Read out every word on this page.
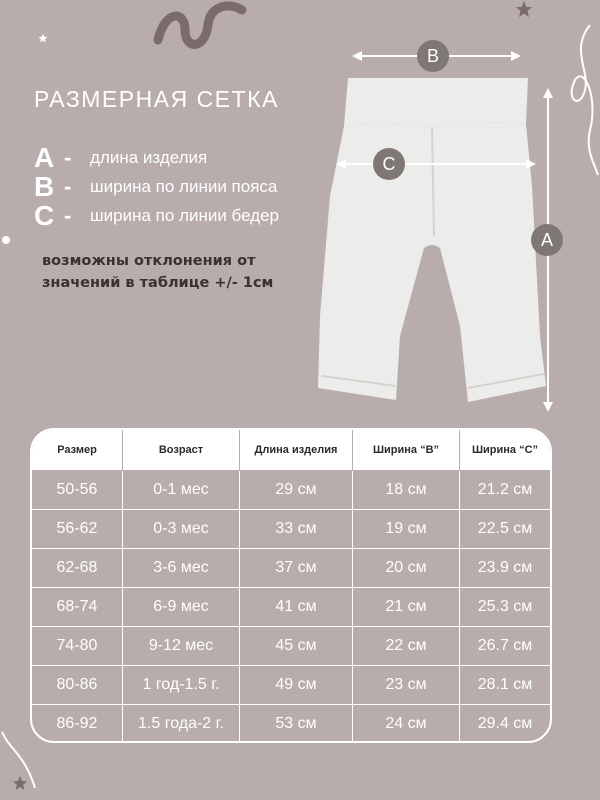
РАЗМЕРНАЯ СЕТКА
A -	длина изделия
B -	ширина по линии пояса
C -	ширина по линии бедер
возможны отклонения от значений в таблице +/- 1см
B
C
A
Размер	Возраст	Длина изделия	Ширина “B”	Ширина “C”
50-56	0-1 мес	29 см	18 см	21.2 см
56-62	0-3 мес	33 см	19 см	22.5 см
62-68	3-6 мес	37 см	20 см	23.9 см
68-74	6-9 мес	41 см	21 см	25.3 см
74-80	9-12 мес	45 см	22 см	26.7 см
80-86	1 год-1.5 г.	49 см	23 см	28.1 см
86-92	1.5 года-2 г.	53 см	24 см	29.4 см
